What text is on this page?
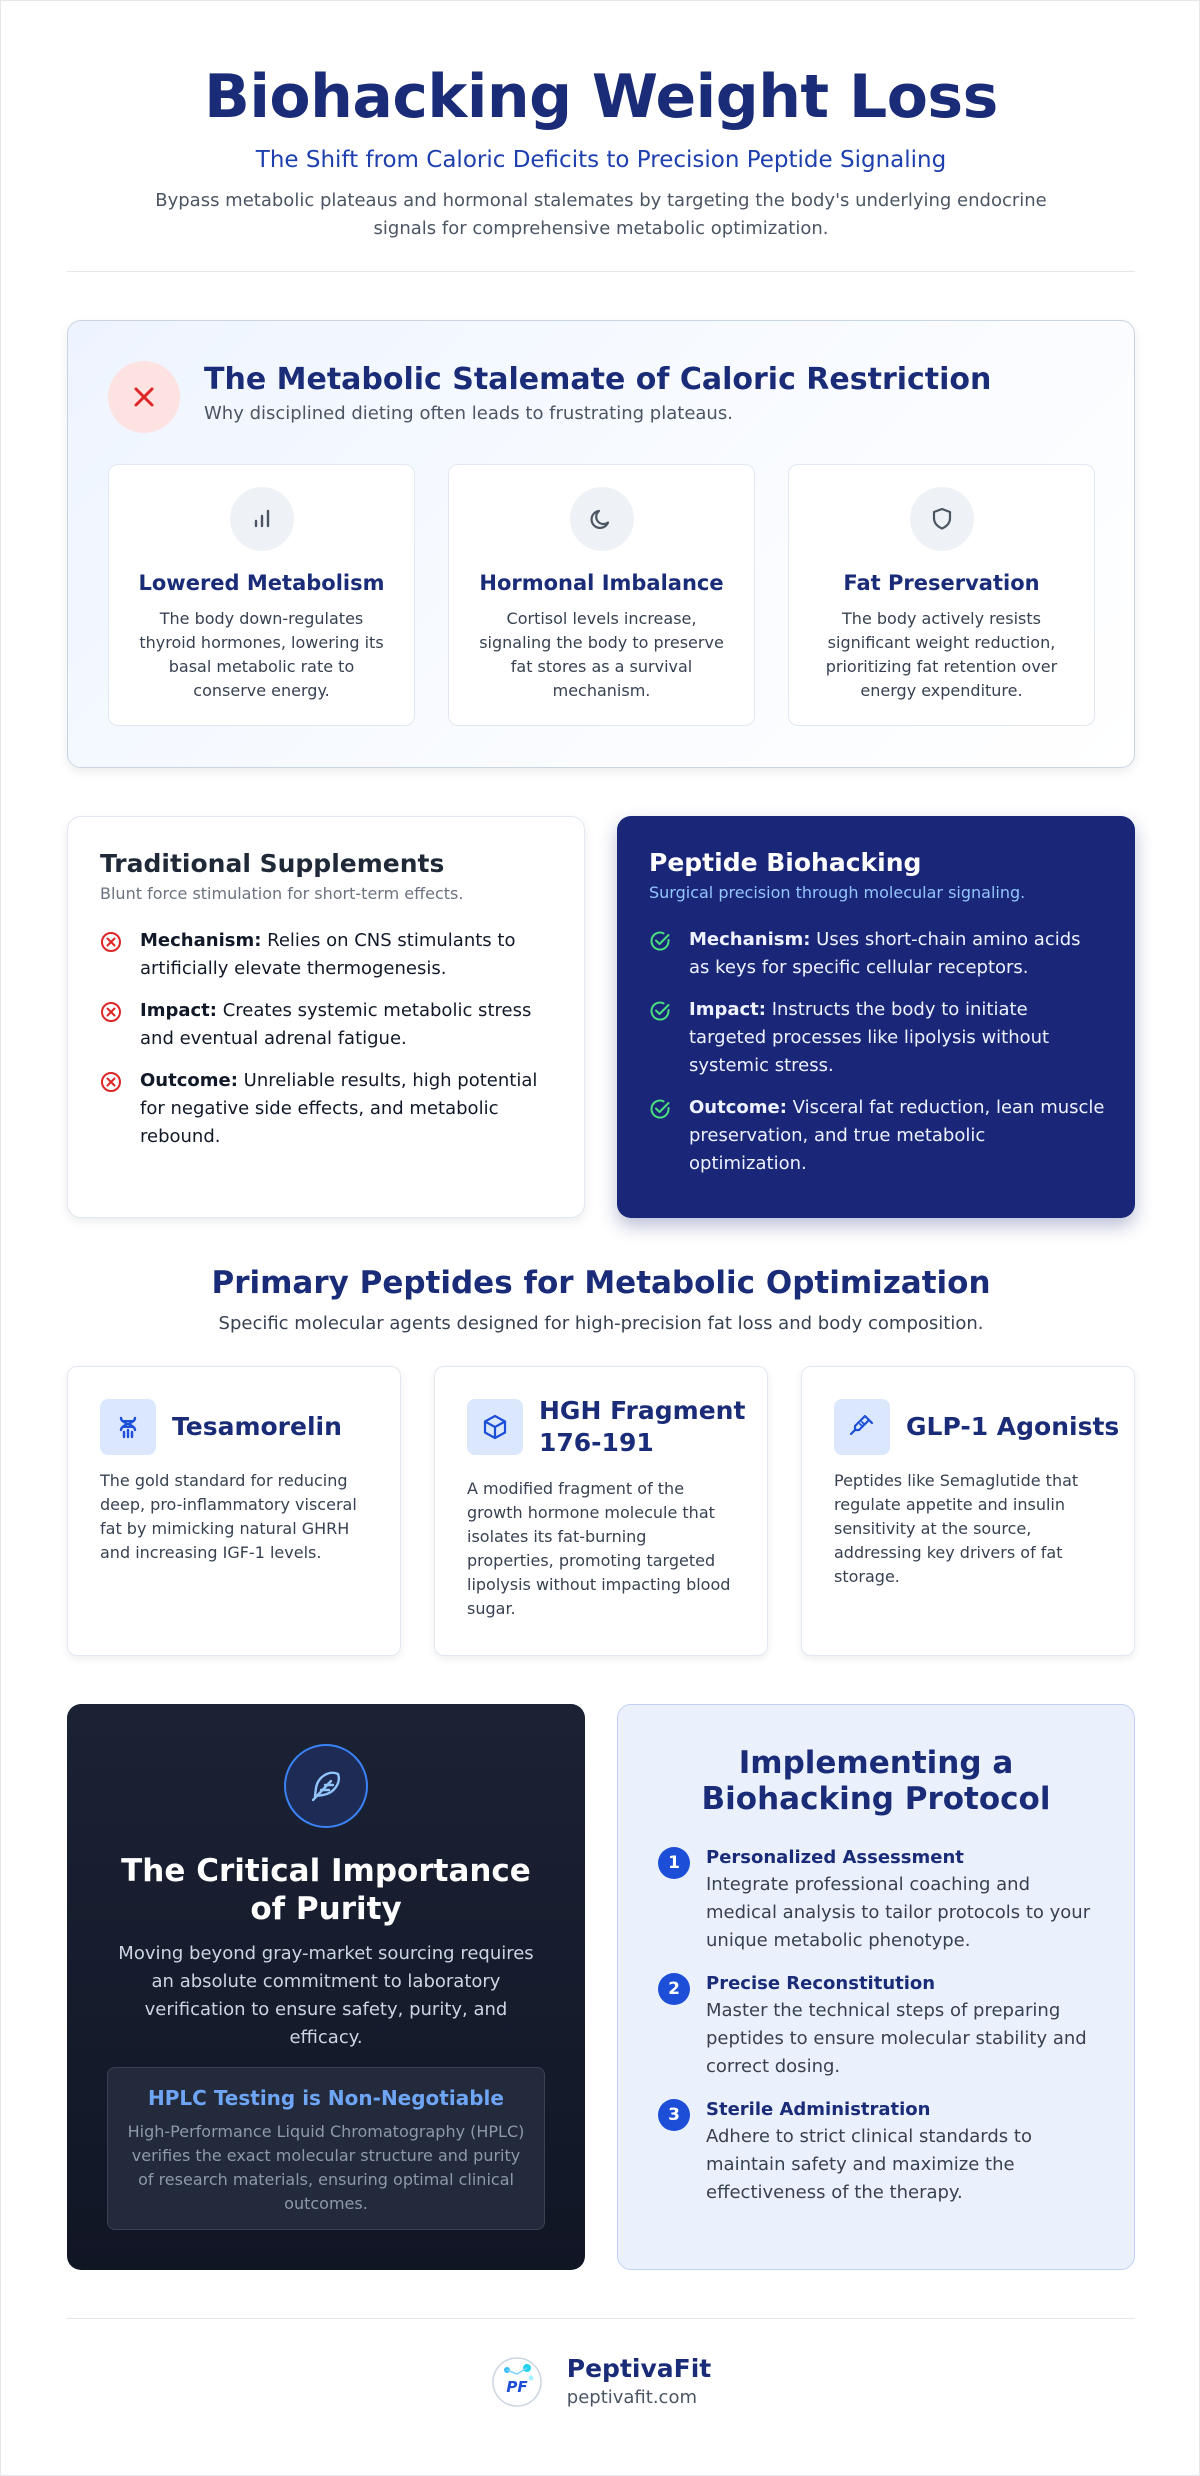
Biohacking Weight Loss
The Shift from Caloric Deficits to Precision Peptide Signaling
Bypass metabolic plateaus and hormonal stalemates by targeting the body's underlying endocrine signals for comprehensive metabolic optimization.
The Metabolic Stalemate of Caloric Restriction
Why disciplined dieting often leads to frustrating plateaus.
Lowered Metabolism
The body down-regulates thyroid hormones, lowering its basal metabolic rate to conserve energy.
Hormonal Imbalance
Cortisol levels increase, signaling the body to preserve fat stores as a survival mechanism.
Fat Preservation
The body actively resists significant weight reduction, prioritizing fat retention over energy expenditure.
Traditional Supplements
Blunt force stimulation for short-term effects.
Mechanism: Relies on CNS stimulants to artificially elevate thermogenesis.
Impact: Creates systemic metabolic stress and eventual adrenal fatigue.
Outcome: Unreliable results, high potential for negative side effects, and metabolic rebound.
Peptide Biohacking
Surgical precision through molecular signaling.
Mechanism: Uses short-chain amino acids as keys for specific cellular receptors.
Impact: Instructs the body to initiate targeted processes like lipolysis without systemic stress.
Outcome: Visceral fat reduction, lean muscle preservation, and true metabolic optimization.
Primary Peptides for Metabolic Optimization
Specific molecular agents designed for high-precision fat loss and body composition.
Tesamorelin
The gold standard for reducing deep, pro-inflammatory visceral fat by mimicking natural GHRH and increasing IGF-1 levels.
HGH Fragment 176-191
A modified fragment of the growth hormone molecule that isolates its fat-burning properties, promoting targeted lipolysis without impacting blood sugar.
GLP-1 Agonists
Peptides like Semaglutide that regulate appetite and insulin sensitivity at the source, addressing key drivers of fat storage.
The Critical Importance of Purity
Moving beyond gray-market sourcing requires an absolute commitment to laboratory verification to ensure safety, purity, and efficacy.
HPLC Testing is Non-Negotiable
High-Performance Liquid Chromatography (HPLC) verifies the exact molecular structure and purity of research materials, ensuring optimal clinical outcomes.
Implementing a Biohacking Protocol
1	Personalized Assessment
Integrate professional coaching and medical analysis to tailor protocols to your unique metabolic phenotype.
2	Precise Reconstitution
Master the technical steps of preparing peptides to ensure molecular stability and correct dosing.
3	Sterile Administration
Adhere to strict clinical standards to maintain safety and maximize the effectiveness of the therapy.
PF
PeptivaFit
peptivafit.com
